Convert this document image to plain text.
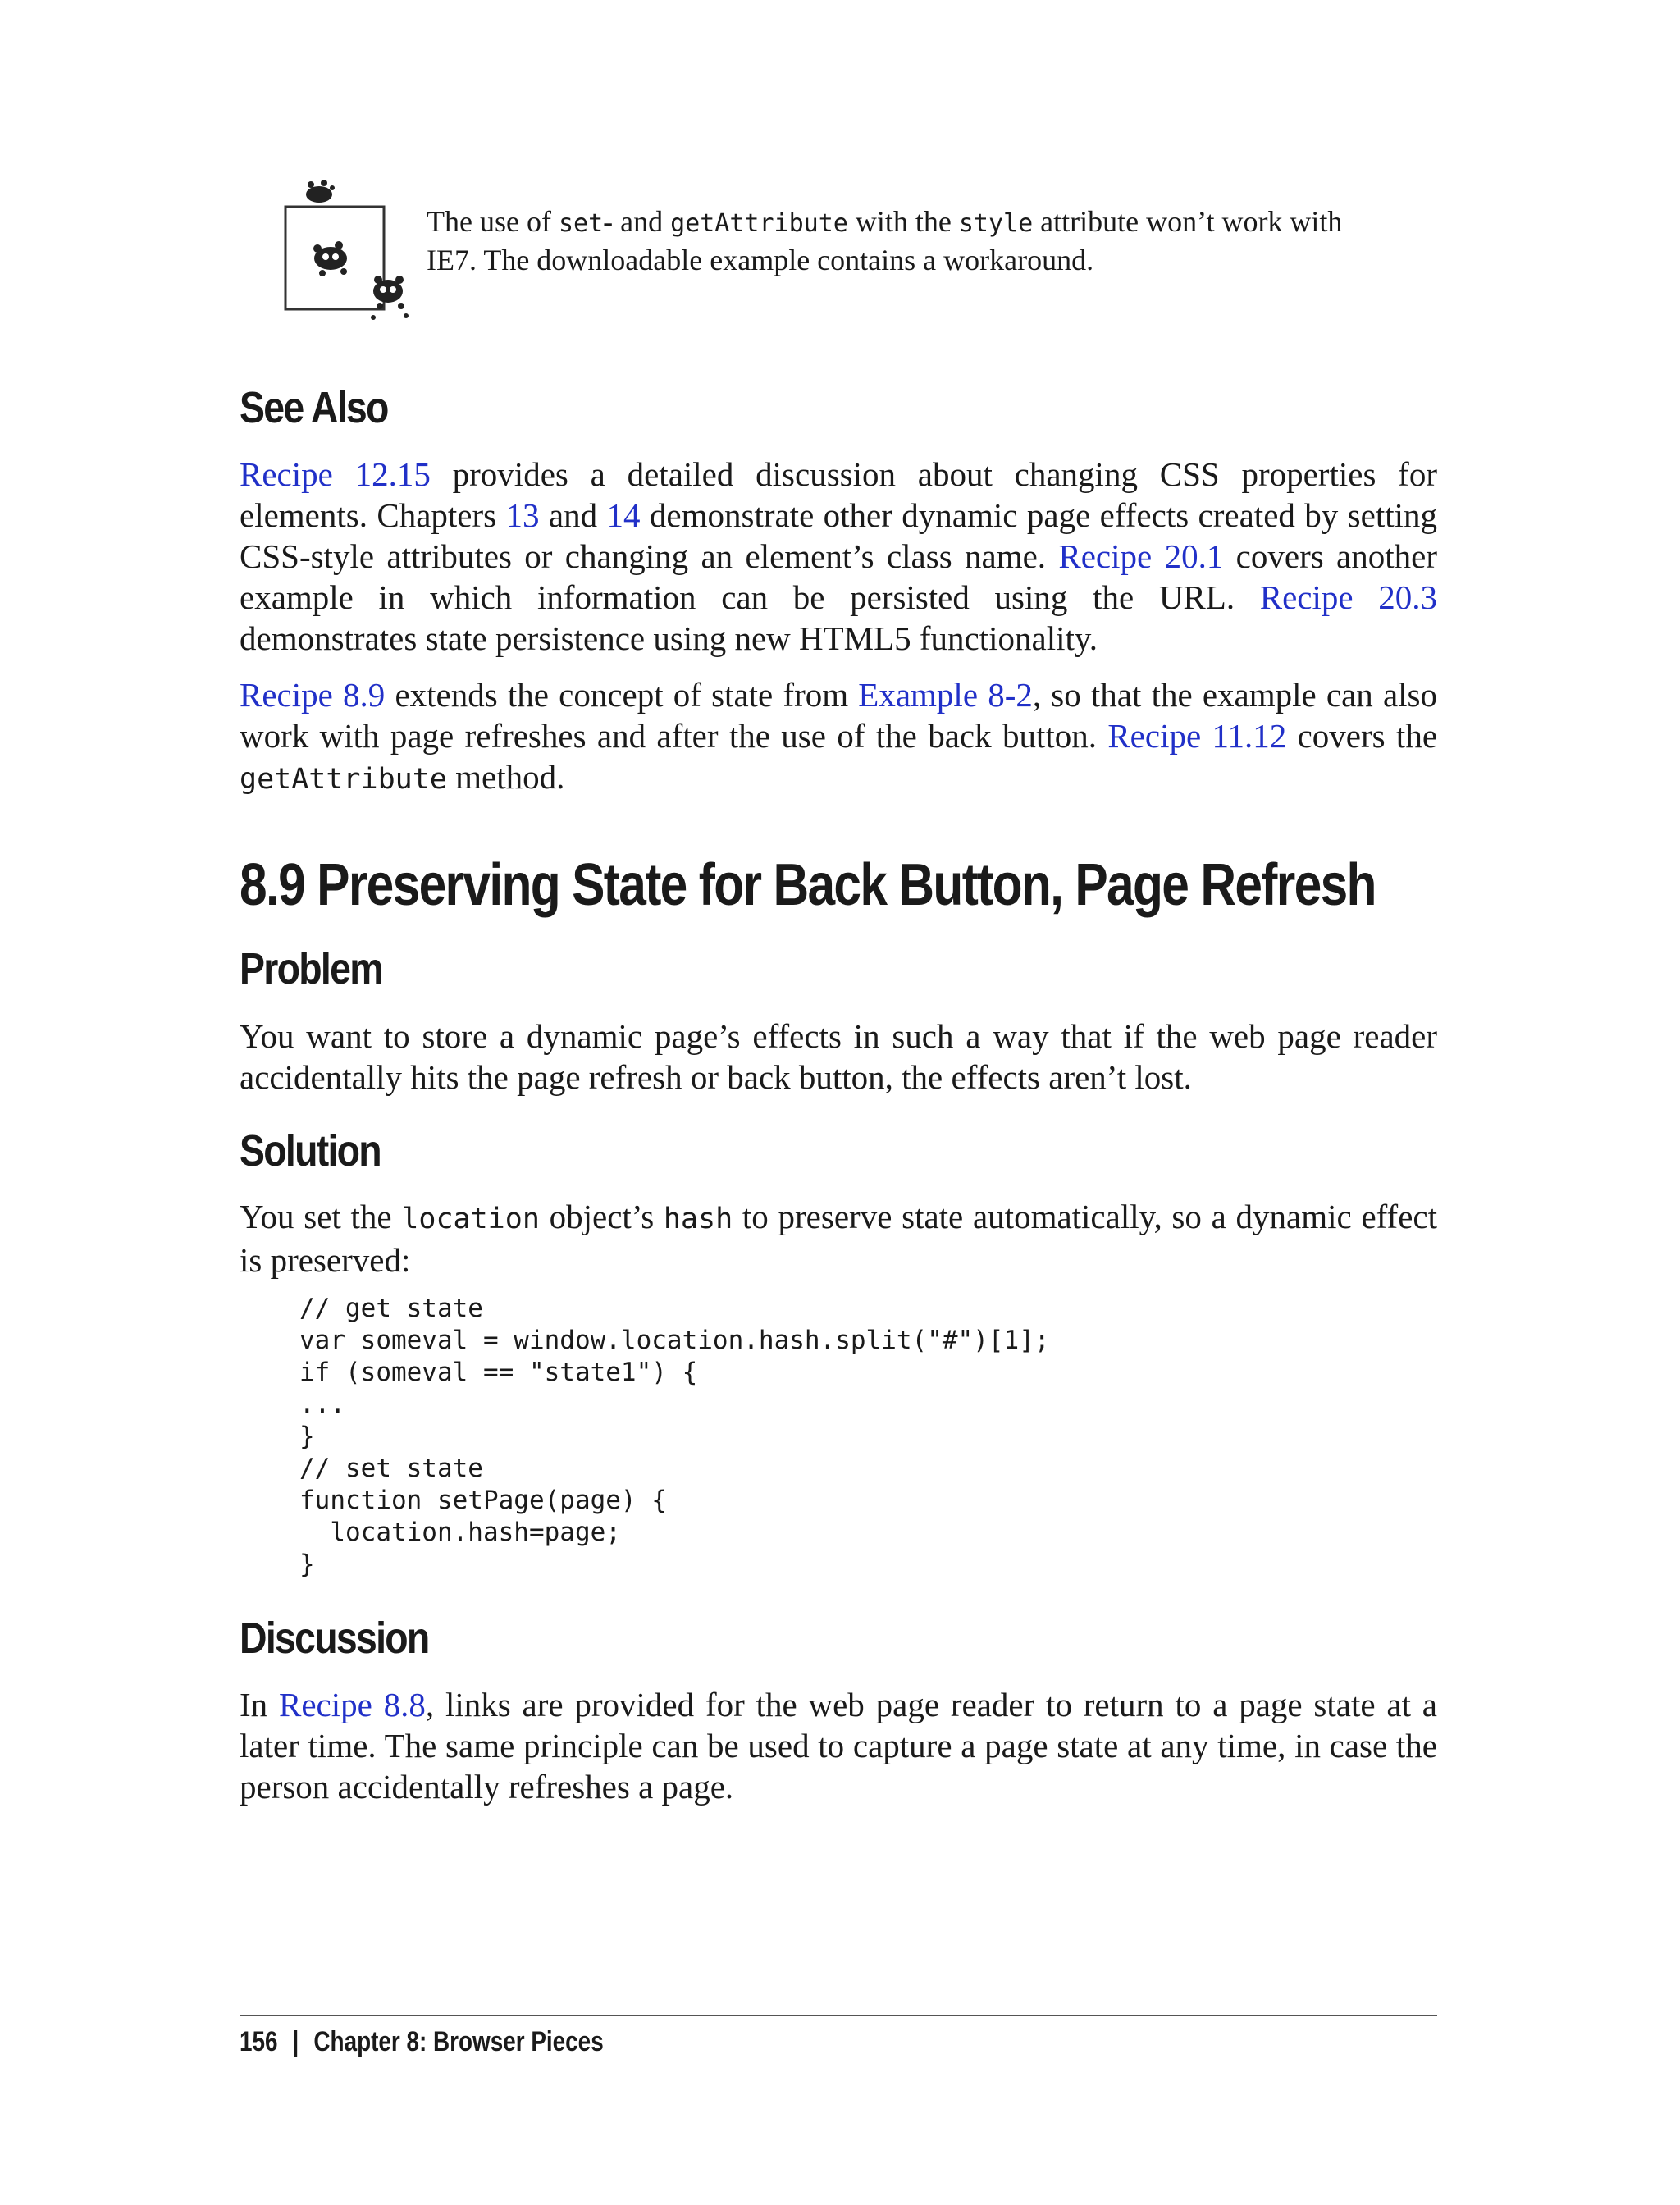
The use of set- and getAttribute with the style attribute won’t work with IE7. The downloadable example contains a workaround.
See Also

Recipe 12.15 provides a detailed discussion about changing CSS properties for elements. Chapters 13 and 14 demonstrate other dynamic page effects created by setting CSS-style attributes or changing an element’s class name. Recipe 20.1 covers another example in which information can be persisted using the URL. Recipe 20.3 demonstrates state persistence using new HTML5 functionality.

Recipe 8.9 extends the concept of state from Example 8-2, so that the example can also work with page refreshes and after the use of the back button. Recipe 11.12 covers the getAttribute method.

8.9 Preserving State for Back Button, Page Refresh
Problem

You want to store a dynamic page’s effects in such a way that if the web page reader accidentally hits the page refresh or back button, the effects aren’t lost.

Solution

You set the location object’s hash to preserve state automatically, so a dynamic effect is preserved:

// get state
var someval = window.location.hash.split("#")[1];
if (someval == "state1") {
...
}
// set state
function setPage(page) {
location.hash=page;
}
Discussion

In Recipe 8.8, links are provided for the web page reader to return to a page state at a later time. The same principle can be used to capture a page state at any time, in case the person accidentally refreshes a page.

156 | Chapter 8: Browser Pieces
